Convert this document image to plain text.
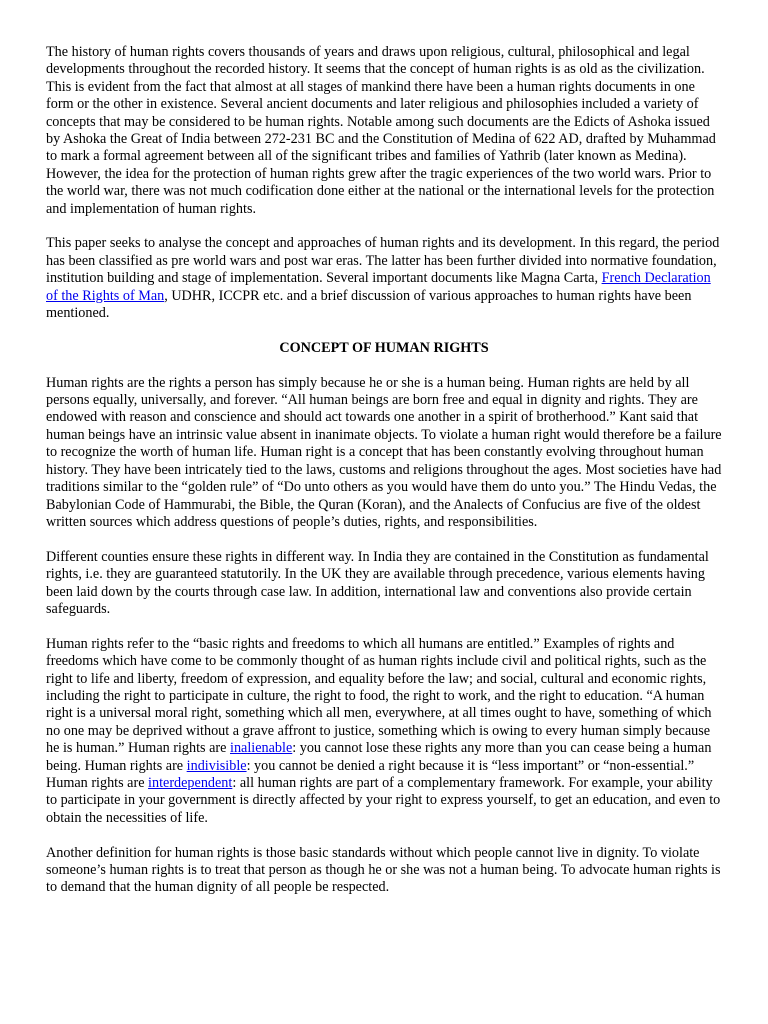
The history of human rights covers thousands of years and draws upon religious, cultural, philosophical and legal developments throughout the recorded history. It seems that the concept of human rights is as old as the civilization. This is evident from the fact that almost at all stages of mankind there have been a human rights documents in one form or the other in existence. Several ancient documents and later religious and philosophies included a variety of concepts that may be considered to be human rights. Notable among such documents are the Edicts of Ashoka issued by Ashoka the Great of India between 272-231 BC and the Constitution of Medina of 622 AD, drafted by Muhammad to mark a formal agreement between all of the significant tribes and families of Yathrib (later known as Medina). However, the idea for the protection of human rights grew after the tragic experiences of the two world wars. Prior to the world war, there was not much codification done either at the national or the international levels for the protection and implementation of human rights.

This paper seeks to analyse the concept and approaches of human rights and its development. In this regard, the period has been classified as pre world wars and post war eras. The latter has been further divided into normative foundation, institution building and stage of implementation. Several important documents like Magna Carta, French Declaration of the Rights of Man, UDHR, ICCPR etc. and a brief discussion of various approaches to human rights have been mentioned.

CONCEPT OF HUMAN RIGHTS

Human rights are the rights a person has simply because he or she is a human being. Human rights are held by all persons equally, universally, and forever. “All human beings are born free and equal in dignity and rights. They are endowed with reason and conscience and should act towards one another in a spirit of brotherhood.” Kant said that human beings have an intrinsic value absent in inanimate objects. To violate a human right would therefore be a failure to recognize the worth of human life. Human right is a concept that has been constantly evolving throughout human history. They have been intricately tied to the laws, customs and religions throughout the ages. Most societies have had traditions similar to the “golden rule” of “Do unto others as you would have them do unto you.” The Hindu Vedas, the Babylonian Code of Hammurabi, the Bible, the Quran (Koran), and the Analects of Confucius are five of the oldest written sources which address questions of people’s duties, rights, and responsibilities.

Different counties ensure these rights in different way. In India they are contained in the Constitution as fundamental rights, i.e. they are guaranteed statutorily. In the UK they are available through precedence, various elements having been laid down by the courts through case law. In addition, international law and conventions also provide certain safeguards.

Human rights refer to the “basic rights and freedoms to which all humans are entitled.” Examples of rights and freedoms which have come to be commonly thought of as human rights include civil and political rights, such as the right to life and liberty, freedom of expression, and equality before the law; and social, cultural and economic rights, including the right to participate in culture, the right to food, the right to work, and the right to education. “A human right is a universal moral right, something which all men, everywhere, at all times ought to have, something of which no one may be deprived without a grave affront to justice, something which is owing to every human simply because he is human.” Human rights are inalienable: you cannot lose these rights any more than you can cease being a human being. Human rights are indivisible: you cannot be denied a right because it is “less important” or “non-essential.” Human rights are interdependent: all human rights are part of a complementary framework. For example, your ability to participate in your government is directly affected by your right to express yourself, to get an education, and even to obtain the necessities of life.

Another definition for human rights is those basic standards without which people cannot live in dignity. To violate someone’s human rights is to treat that person as though he or she was not a human being. To advocate human rights is to demand that the human dignity of all people be respected.
